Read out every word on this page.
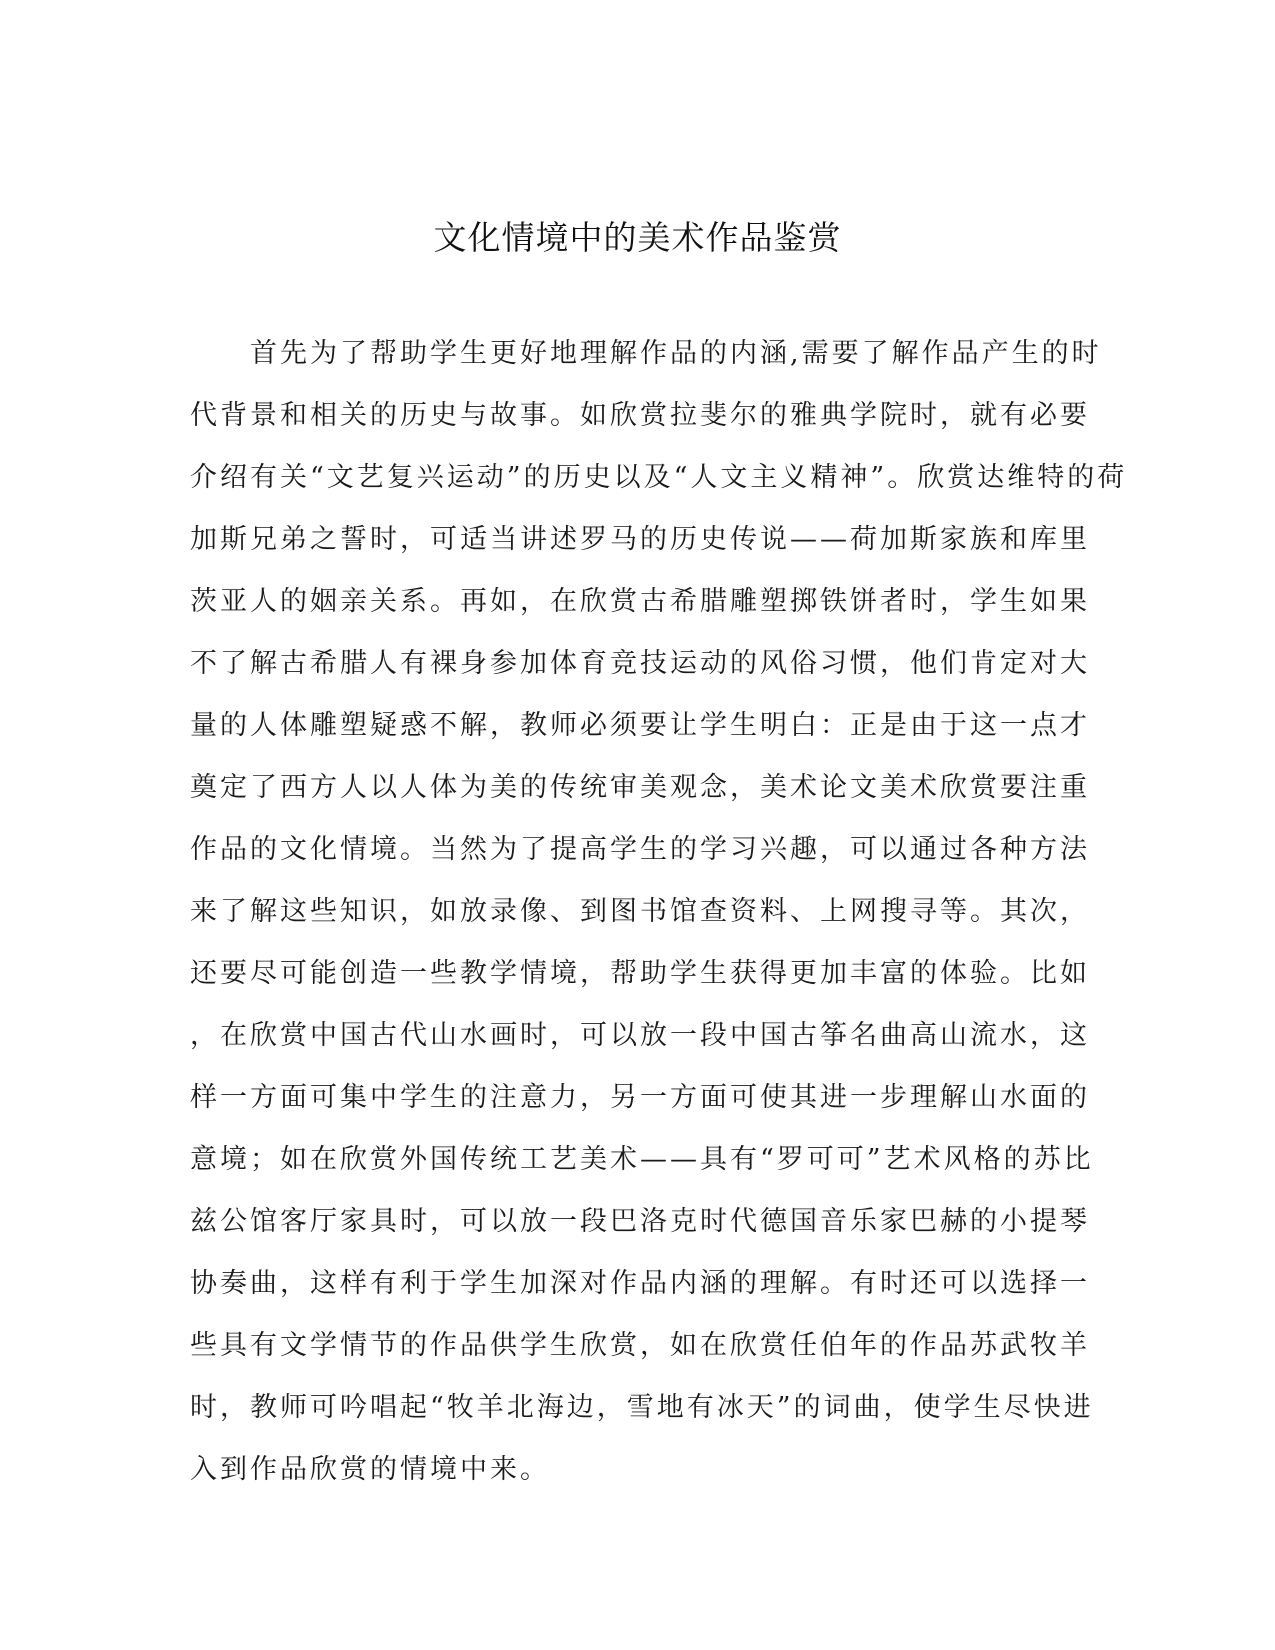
文化情境中的美术作品鉴赏
　　首先为了帮助学生更好地理解作品的内涵,需要了解作品产生的时
代背景和相关的历史与故事。如欣赏拉斐尔的雅典学院时，就有必要
介绍有关“文艺复兴运动”的历史以及“人文主义精神”。欣赏达维特的荷
加斯兄弟之誓时，可适当讲述罗马的历史传说——荷加斯家族和库里
茨亚人的姻亲关系。再如，在欣赏古希腊雕塑掷铁饼者时，学生如果
不了解古希腊人有裸身参加体育竞技运动的风俗习惯，他们肯定对大
量的人体雕塑疑惑不解，教师必须要让学生明白：正是由于这一点才
奠定了西方人以人体为美的传统审美观念，美术论文美术欣赏要注重
作品的文化情境。当然为了提高学生的学习兴趣，可以通过各种方法
来了解这些知识，如放录像、到图书馆查资料、上网搜寻等。其次，
还要尽可能创造一些教学情境，帮助学生获得更加丰富的体验。比如
，在欣赏中国古代山水画时，可以放一段中国古筝名曲高山流水，这
样一方面可集中学生的注意力，另一方面可使其进一步理解山水面的
意境；如在欣赏外国传统工艺美术——具有“罗可可”艺术风格的苏比
兹公馆客厅家具时，可以放一段巴洛克时代德国音乐家巴赫的小提琴
协奏曲，这样有利于学生加深对作品内涵的理解。有时还可以选择一
些具有文学情节的作品供学生欣赏，如在欣赏任伯年的作品苏武牧羊
时，教师可吟唱起“牧羊北海边，雪地有冰天”的词曲，使学生尽快进
入到作品欣赏的情境中来。
